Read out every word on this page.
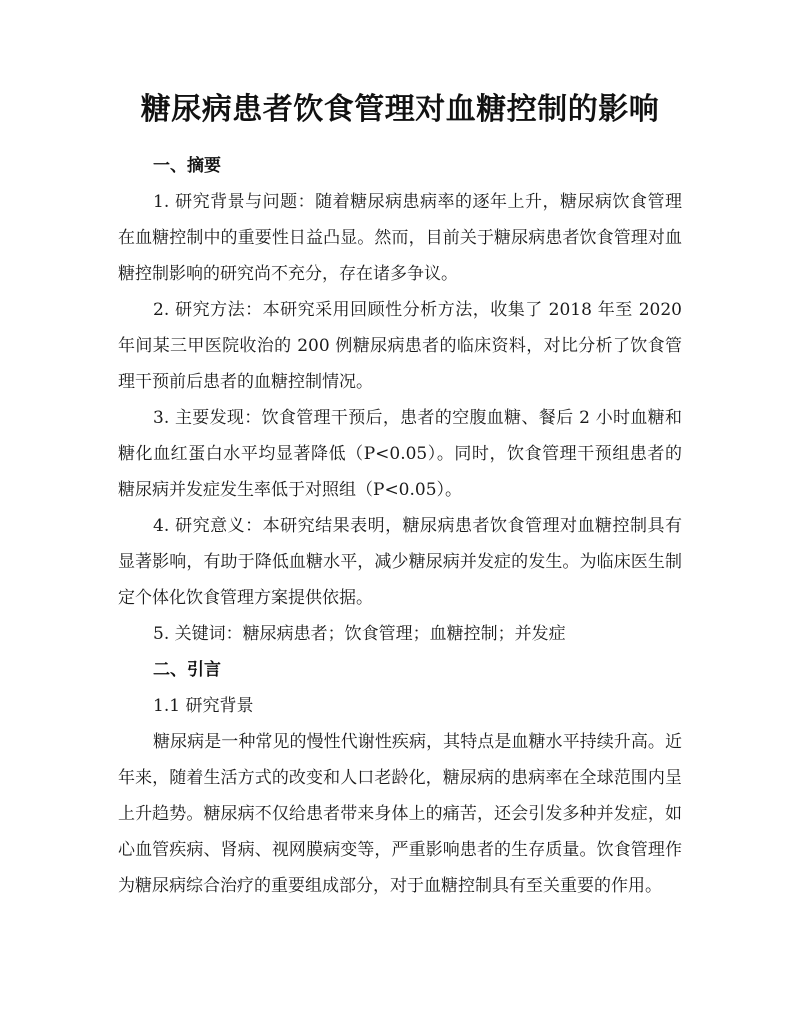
糖尿病患者饮食管理对血糖控制的影响
一、摘要

1. 研究背景与问题：随着糖尿病患病率的逐年上升，糖尿病饮食管理在血糖控制中的重要性日益凸显。然而，目前关于糖尿病患者饮食管理对血糖控制影响的研究尚不充分，存在诸多争议。

2. 研究方法：本研究采用回顾性分析方法，收集了 2018 年至 2020 年间某三甲医院收治的 200 例糖尿病患者的临床资料，对比分析了饮食管理干预前后患者的血糖控制情况。

3. 主要发现：饮食管理干预后，患者的空腹血糖、餐后 2 小时血糖和糖化血红蛋白水平均显著降低（P<0.05）。同时，饮食管理干预组患者的糖尿病并发症发生率低于对照组（P<0.05）。

4. 研究意义：本研究结果表明，糖尿病患者饮食管理对血糖控制具有显著影响，有助于降低血糖水平，减少糖尿病并发症的发生。为临床医生制定个体化饮食管理方案提供依据。

5. 关键词：糖尿病患者；饮食管理；血糖控制；并发症

二、引言

1.1 研究背景

糖尿病是一种常见的慢性代谢性疾病，其特点是血糖水平持续升高。近年来，随着生活方式的改变和人口老龄化，糖尿病的患病率在全球范围内呈上升趋势。糖尿病不仅给患者带来身体上的痛苦，还会引发多种并发症，如心血管疾病、肾病、视网膜病变等，严重影响患者的生存质量。饮食管理作为糖尿病综合治疗的重要组成部分，对于血糖控制具有至关重要的作用。
